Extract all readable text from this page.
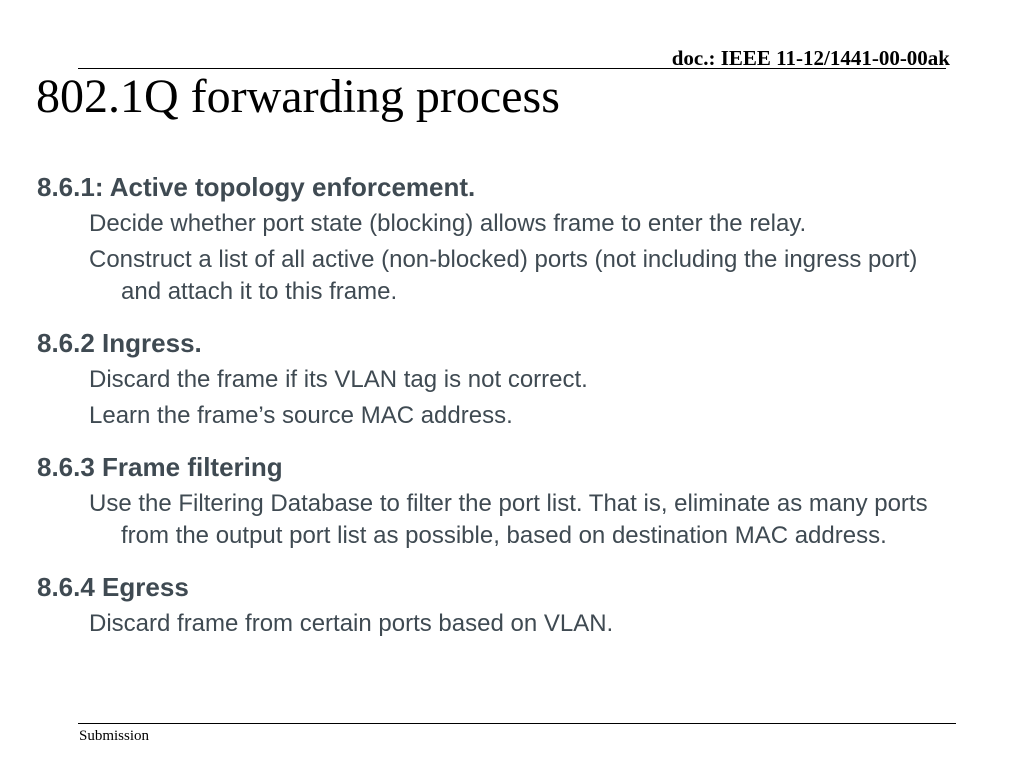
doc.: IEEE 11-12/1441-00-00ak
802.1Q forwarding process
8.6.1: Active topology enforcement.
Decide whether port state (blocking) allows frame to enter the relay.
Construct a list of all active (non-blocked) ports (not including the ingress port) and attach it to this frame.
8.6.2 Ingress.
Discard the frame if its VLAN tag is not correct.
Learn the frame’s source MAC address.
8.6.3 Frame filtering
Use the Filtering Database to filter the port list. That is, eliminate as many ports from the output port list as possible, based on destination MAC address.
8.6.4 Egress
Discard frame from certain ports based on VLAN.
Submission
